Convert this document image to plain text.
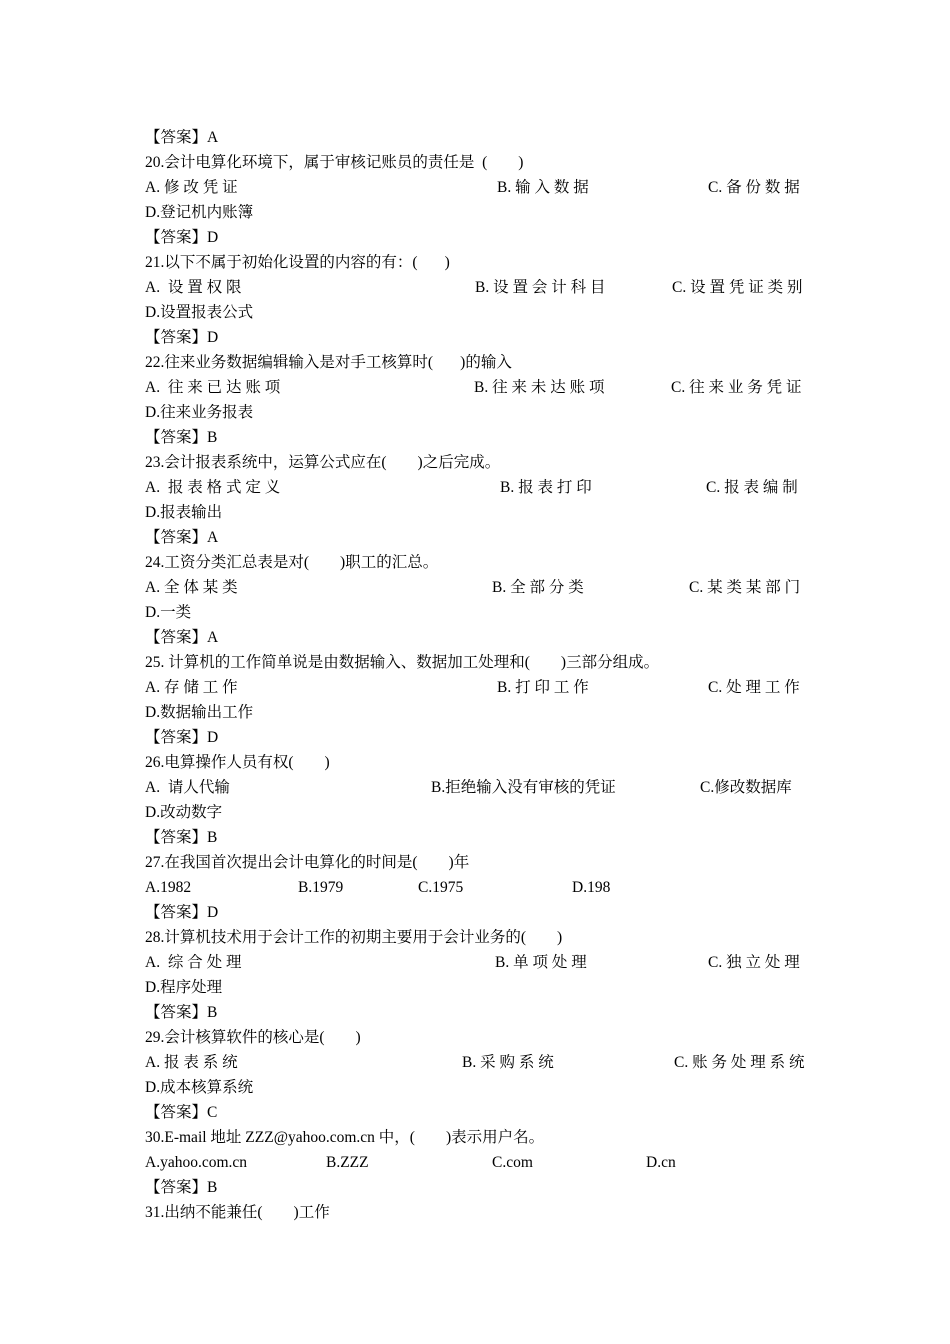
【答案】A
20.会计电算化环境下，属于审核记账员的责任是  (        )
A. 修 改 凭 证	B. 输 入 数 据	C. 备 份 数 据
D.登记机内账簿
【答案】D
21.以下不属于初始化设置的内容的有：(       )
A.  设 置 权 限	B. 设 置 会 计 科 目	C. 设 置 凭 证 类 别
D.设置报表公式
【答案】D
22.往来业务数据编辑输入是对手工核算时(       )的输入
A.  往 来 已 达 账 项	B. 往 来 未 达 账 项	C. 往 来 业 务 凭 证
D.往来业务报表
【答案】B
23.会计报表系统中，运算公式应在(        )之后完成。
A.  报 表 格 式 定 义	B. 报 表 打 印	C. 报 表 编 制
D.报表输出
【答案】A
24.工资分类汇总表是对(        )职工的汇总。
A. 全 体 某 类	B. 全 部 分 类	C. 某 类 某 部 门
D.一类
【答案】A
25. 计算机的工作简单说是由数据输入、数据加工处理和(        )三部分组成。
A. 存 储 工 作	B. 打 印 工 作	C. 处 理 工 作
D.数据输出工作
【答案】D
26.电算操作人员有权(        )
A.  请人代输	B.拒绝输入没有审核的凭证	C.修改数据库
D.改动数字
【答案】B
27.在我国首次提出会计电算化的时间是(        )年
A.1982	B.1979	C.1975	D.198
【答案】D
28.计算机技术用于会计工作的初期主要用于会计业务的(        )
A.  综 合 处 理	B. 单 项 处 理	C. 独 立 处 理
D.程序处理
【答案】B
29.会计核算软件的核心是(        )
A. 报 表 系 统	B. 采 购 系 统	C. 账 务 处 理 系 统
D.成本核算系统
【答案】C
30.E-mail 地址 ZZZ@yahoo.com.cn 中，(        )表示用户名。
A.yahoo.com.cn	B.ZZZ	C.com	D.cn
【答案】B
31.出纳不能兼任(        )工作
